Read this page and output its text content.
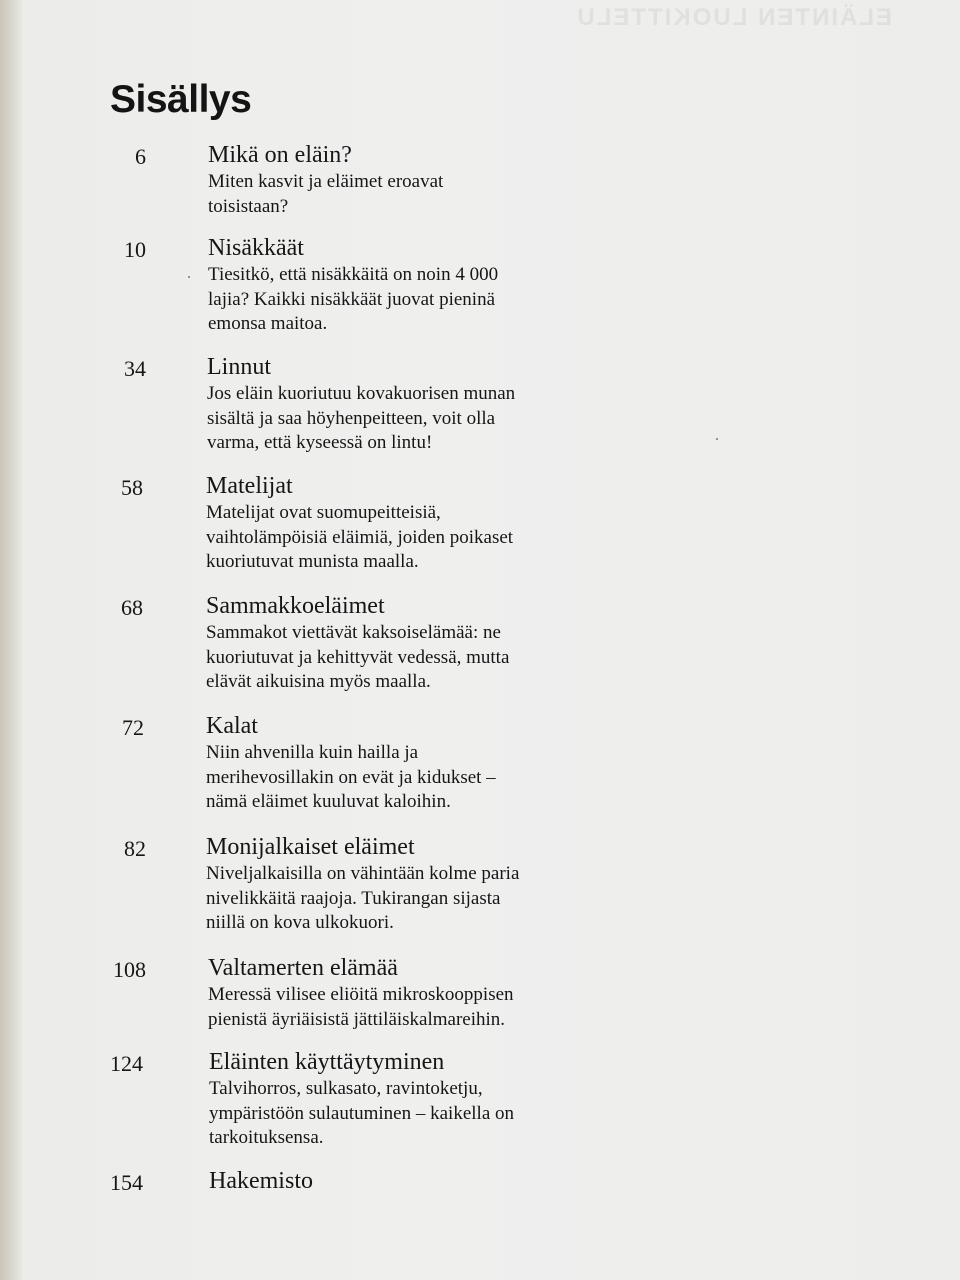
ELÄINTEN LUOKITTELU
Sisällys
6	Mikä on eläin?
Miten kasvit ja eläimet eroavat
toisistaan?
10	Nisäkkäät
Tiesitkö, että nisäkkäitä on noin 4 000
lajia? Kaikki nisäkkäät juovat pieninä
emonsa maitoa.
34	Linnut
Jos eläin kuoriutuu kovakuorisen munan
sisältä ja saa höyhenpeitteen, voit olla
varma, että kyseessä on lintu!
58	Matelijat
Matelijat ovat suomupeitteisiä,
vaihtolämpöisiä eläimiä, joiden poikaset
kuoriutuvat munista maalla.
68	Sammakkoeläimet
Sammakot viettävät kaksoiselämää: ne
kuoriutuvat ja kehittyvät vedessä, mutta
elävät aikuisina myös maalla.
72	Kalat
Niin ahvenilla kuin hailla ja
merihevosillakin on evät ja kidukset –
nämä eläimet kuuluvat kaloihin.
82	Monijalkaiset eläimet
Niveljalkaisilla on vähintään kolme paria
nivelikkäitä raajoja. Tukirangan sijasta
niillä on kova ulkokuori.
108	Valtamerten elämää
Meressä vilisee eliöitä mikroskooppisen
pienistä äyriäisistä jättiläiskalmareihin.
124	Eläinten käyttäytyminen
Talvihorros, sulkasato, ravintoketju,
ympäristöön sulautuminen – kaikella on
tarkoituksensa.
154	Hakemisto
